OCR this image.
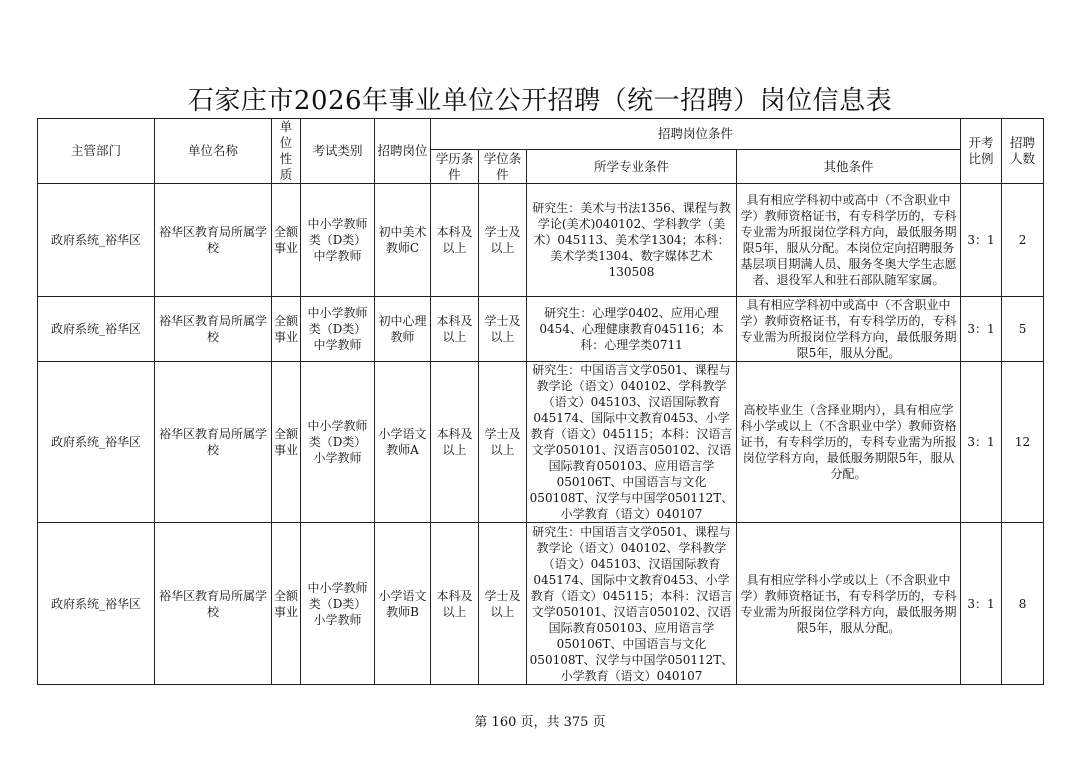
石家庄市2026年事业单位公开招聘（统一招聘）岗位信息表
主管部门	单位名称	单位性质	考试类别	招聘岗位	招聘岗位条件				开考比例	招聘人数
					学历条件	学位条件	所学专业条件	其他条件		
政府系统_裕华区	裕华区教育局所属学校	全额事业	中小学教师类（D类）中学教师	初中美术教师C	本科及以上	学士及以上	研究生：美术与书法1356、课程与教学论(美术)040102、学科教学（美术）045113、美术学1304；本科：美术学类1304、数字媒体艺术130508	具有相应学科初中或高中（不含职业中学）教师资格证书，有专科学历的，专科专业需为所报岗位学科方向，最低服务期限5年，服从分配。本岗位定向招聘服务基层项目期满人员、服务冬奥大学生志愿者、退役军人和驻石部队随军家属。	3：1	2
政府系统_裕华区	裕华区教育局所属学校	全额事业	中小学教师类（D类）中学教师	初中心理教师	本科及以上	学士及以上	研究生：心理学0402、应用心理0454、心理健康教育045116；本科：心理学类0711	具有相应学科初中或高中（不含职业中学）教师资格证书，有专科学历的，专科专业需为所报岗位学科方向，最低服务期限5年，服从分配。	3：1	5
政府系统_裕华区	裕华区教育局所属学校	全额事业	中小学教师类（D类）小学教师	小学语文教师A	本科及以上	学士及以上	研究生：中国语言文学0501、课程与教学论（语文）040102、学科教学（语文）045103、汉语国际教育045174、国际中文教育0453、小学教育（语文）045115；本科：汉语言文学050101、汉语言050102、汉语国际教育050103、应用语言学050106T、中国语言与文化050108T、汉学与中国学050112T、小学教育（语文）040107	高校毕业生（含择业期内），具有相应学科小学或以上（不含职业中学）教师资格证书，有专科学历的，专科专业需为所报岗位学科方向，最低服务期限5年，服从分配。	3：1	12
政府系统_裕华区	裕华区教育局所属学校	全额事业	中小学教师类（D类）小学教师	小学语文教师B	本科及以上	学士及以上	研究生：中国语言文学0501、课程与教学论（语文）040102、学科教学（语文）045103、汉语国际教育045174、国际中文教育0453、小学教育（语文）045115；本科：汉语言文学050101、汉语言050102、汉语国际教育050103、应用语言学050106T、中国语言与文化050108T、汉学与中国学050112T、小学教育（语文）040107	具有相应学科小学或以上（不含职业中学）教师资格证书，有专科学历的，专科专业需为所报岗位学科方向，最低服务期限5年，服从分配。	3：1	8
第 160 页，共 375 页
